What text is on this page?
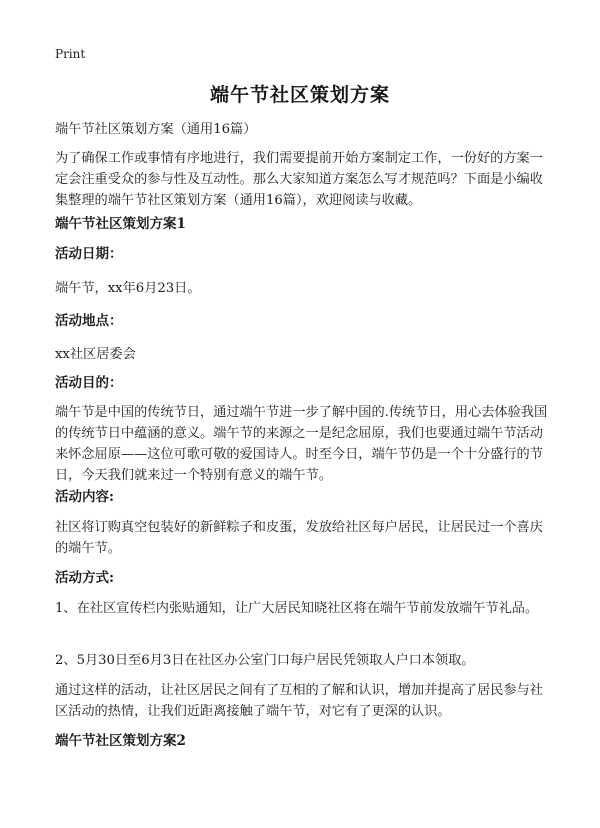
Print
端午节社区策划方案
端午节社区策划方案（通用16篇）
为了确保工作或事情有序地进行，我们需要提前开始方案制定工作，一份好的方案一定会注重受众的参与性及互动性。那么大家知道方案怎么写才规范吗？下面是小编收集整理的端午节社区策划方案（通用16篇），欢迎阅读与收藏。
端午节社区策划方案1
活动日期：
端午节，xx年6月23日。
活动地点：
xx社区居委会
活动目的：
端午节是中国的传统节日，通过端午节进一步了解中国的.传统节日，用心去体验我国的传统节日中蕴涵的意义。端午节的来源之一是纪念屈原，我们也要通过端午节活动来怀念屈原——这位可歌可敬的爱国诗人。时至今日，端午节仍是一个十分盛行的节日，今天我们就来过一个特别有意义的端午节。
活动内容:
社区将订购真空包装好的新鲜粽子和皮蛋，发放给社区每户居民，让居民过一个喜庆的端午节。
活动方式:
1、在社区宣传栏内张贴通知，让广大居民知晓社区将在端午节前发放端午节礼品。
2、5月30日至6月3日在社区办公室门口每户居民凭领取人户口本领取。
通过这样的活动，让社区居民之间有了互相的了解和认识，增加并提高了居民参与社区活动的热情，让我们近距离接触了端午节，对它有了更深的认识。
端午节社区策划方案2
